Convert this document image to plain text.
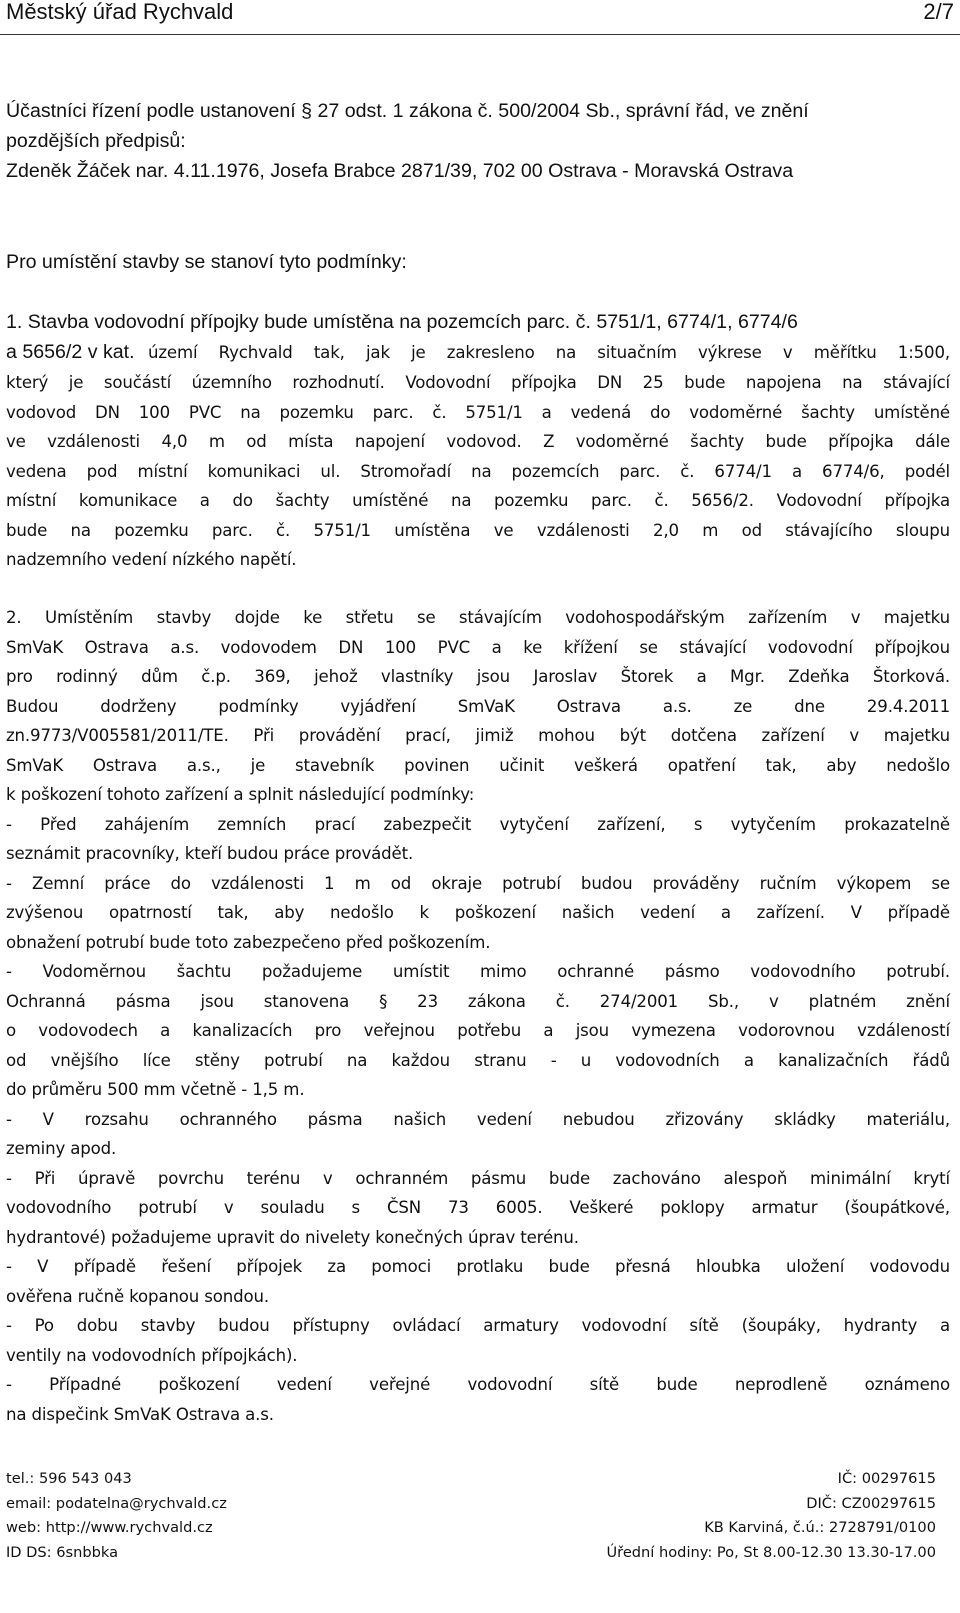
Městský úřad Rychvald	2/7

Účastníci řízení podle ustanovení § 27 odst. 1 zákona č. 500/2004 Sb., správní řád, ve znění

pozdějších předpisů:

Zdeněk Žáček nar. 4.11.1976, Josefa Brabce 2871/39, 702 00 Ostrava - Moravská Ostrava

Pro umístění stavby se stanoví tyto podmínky:

1. Stavba vodovodní přípojky bude umístěna na pozemcích parc. č. 5751/1, 6774/1, 6774/6

a 5656/2 v kat. území Rychvald tak, jak je zakresleno na situačním výkrese v měřítku 1:500,
který je součástí územního rozhodnutí. Vodovodní přípojka DN 25 bude napojena na stávající
vodovod DN 100 PVC na pozemku parc. č. 5751/1 a vedená do vodoměrné šachty umístěné
ve vzdálenosti 4,0 m od místa napojení vodovod. Z vodoměrné šachty bude přípojka dále
vedena pod místní komunikaci ul. Stromořadí na pozemcích parc. č. 6774/1 a 6774/6, podél
místní komunikace a do šachty umístěné na pozemku parc. č. 5656/2. Vodovodní přípojka
bude na pozemku parc. č. 5751/1 umístěna ve vzdálenosti 2,0 m od stávajícího sloupu
nadzemního vedení nízkého napětí.
2. Umístěním stavby dojde ke střetu se stávajícím vodohospodářským zařízením v majetku
SmVaK Ostrava a.s. vodovodem DN 100 PVC a ke křížení se stávající vodovodní přípojkou
pro rodinný dům č.p. 369, jehož vlastníky jsou Jaroslav Štorek a Mgr. Zdeňka Štorková.
Budou dodrženy podmínky vyjádření SmVaK Ostrava a.s. ze dne 29.4.2011
zn.9773/V005581/2011/TE. Při provádění prací, jimiž mohou být dotčena zařízení v majetku
SmVaK Ostrava a.s., je stavebník povinen učinit veškerá opatření tak, aby nedošlo
k poškození tohoto zařízení a splnit následující podmínky:
- Před zahájením zemních prací zabezpečit vytyčení zařízení, s vytyčením prokazatelně
seznámit pracovníky, kteří budou práce provádět.
- Zemní práce do vzdálenosti 1 m od okraje potrubí budou prováděny ručním výkopem se
zvýšenou opatrností tak, aby nedošlo k poškození našich vedení a zařízení. V případě
obnažení potrubí bude toto zabezpečeno před poškozením.
- Vodoměrnou šachtu požadujeme umístit mimo ochranné pásmo vodovodního potrubí.
Ochranná pásma jsou stanovena § 23 zákona č. 274/2001 Sb., v platném znění
o vodovodech a kanalizacích pro veřejnou potřebu a jsou vymezena vodorovnou vzdáleností
od vnějšího líce stěny potrubí na každou stranu - u vodovodních a kanalizačních řádů
do průměru 500 mm včetně - 1,5 m.
- V rozsahu ochranného pásma našich vedení nebudou zřizovány skládky materiálu,
zeminy apod.
- Při úpravě povrchu terénu v ochranném pásmu bude zachováno alespoň minimální krytí
vodovodního potrubí v souladu s ČSN 73 6005. Veškeré poklopy armatur (šoupátkové,
hydrantové) požadujeme upravit do nivelety konečných úprav terénu.
- V případě řešení přípojek za pomoci protlaku bude přesná hloubka uložení vodovodu
ověřena ručně kopanou sondou.
- Po dobu stavby budou přístupny ovládací armatury vodovodní sítě (šoupáky, hydranty a
ventily na vodovodních přípojkách).
- Případné poškození vedení veřejné vodovodní sítě bude neprodleně oznámeno
na dispečink SmVaK Ostrava a.s.
tel.: 596 543 043
email: podatelna@rychvald.cz
web: http://www.rychvald.cz
ID DS: 6snbbka
IČ: 00297615
DIČ: CZ00297615
KB Karviná, č.ú.: 2728791/0100
Úřední hodiny: Po, St 8.00-12.30 13.30-17.00
